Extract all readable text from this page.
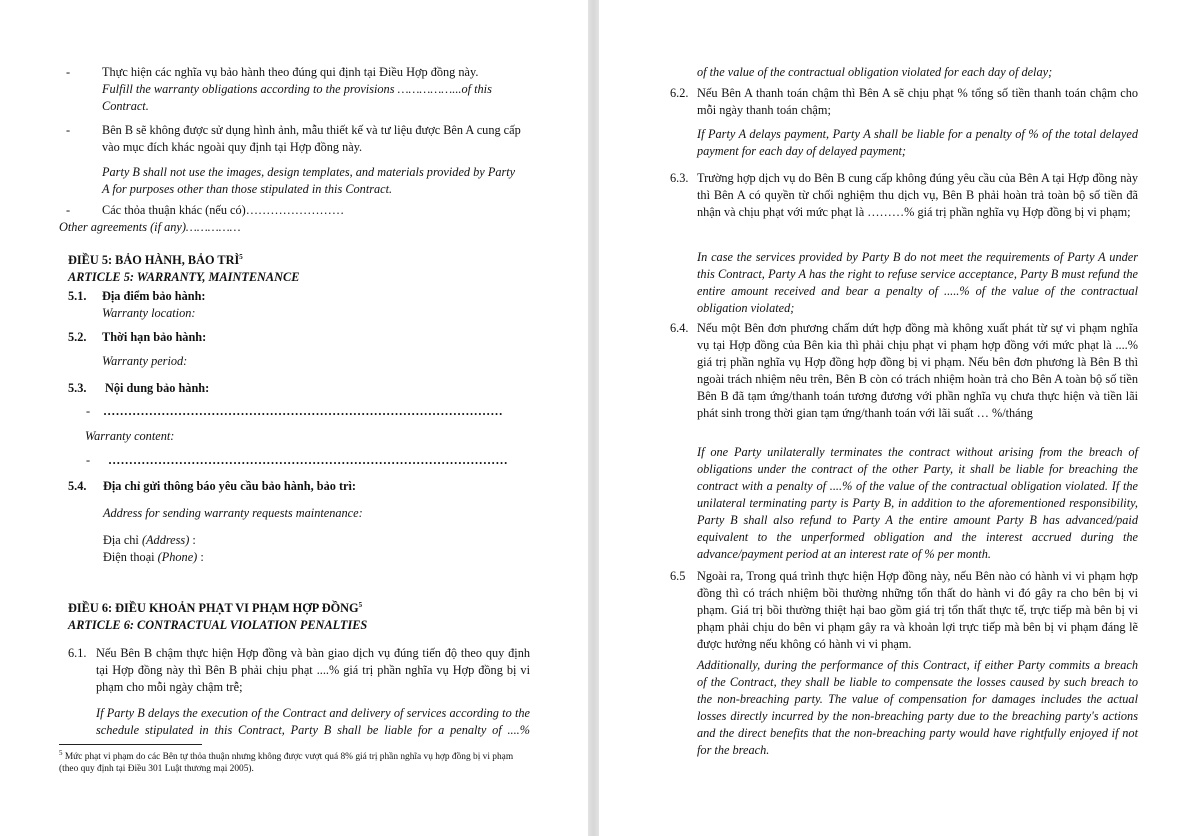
-	Thực hiện các nghĩa vụ bảo hành theo đúng qui định tại Điều Hợp đồng này.
Fulfill the warranty obligations according to the provisions ……………...of this Contract.
-	Bên B sẽ không được sử dụng hình ảnh, mẫu thiết kế và tư liệu được Bên A cung cấp vào mục đích khác ngoài quy định tại Hợp đồng này.
Party B shall not use the images, design templates, and materials provided by Party A for purposes other than those stipulated in this Contract.
-	Các thỏa thuận khác (nếu có)……………………
Other agreements (if any)……………
ĐIỀU 5: BẢO HÀNH, BẢO TRÌ$^5$
ARTICLE 5: WARRANTY, MAINTENANCE
5.1. Địa điểm bảo hành:
Warranty location:
5.2. Thời hạn bảo hành:
Warranty period:
5.3. Nội dung bảo hành:
- ……………………………………………………………………………………
Warranty content:
- ……………………………………………………………………………………
5.4. Địa chỉ gửi thông báo yêu cầu bảo hành, bảo trì:
Address for sending warranty requests maintenance:
Địa chỉ (Address) :
Điện thoại (Phone) :
ĐIỀU 6: ĐIỀU KHOẢN PHẠT VI PHẠM HỢP ĐỒNG$^5$
ARTICLE 6: CONTRACTUAL VIOLATION PENALTIES
6.1. Nếu Bên B chậm thực hiện Hợp đồng và bàn giao dịch vụ đúng tiến độ theo quy định tại Hợp đồng này thì Bên B phải chịu phạt ....% giá trị phần nghĩa vụ Hợp đồng bị vi phạm cho mỗi ngày chậm trễ;
If Party B delays the execution of the Contract and delivery of services according to the schedule stipulated in this Contract, Party B shall be liable for a penalty of ....%
$^5$ Mức phạt vi phạm do các Bên tự thỏa thuận nhưng không được vượt quá 8% giá trị phần nghĩa vụ hợp đồng bị vi phạm (theo quy định tại Điều 301 Luật thương mại 2005).
of the value of the contractual obligation violated for each day of delay;
6.2. Nếu Bên A thanh toán chậm thì Bên A sẽ chịu phạt % tổng số tiền thanh toán chậm cho mỗi ngày thanh toán chậm;
If Party A delays payment, Party A shall be liable for a penalty of % of the total delayed payment for each day of delayed payment;
6.3. Trường hợp dịch vụ do Bên B cung cấp không đúng yêu cầu của Bên A tại Hợp đồng này thì Bên A có quyền từ chối nghiệm thu dịch vụ, Bên B phải hoàn trả toàn bộ số tiền đã nhận và chịu phạt với mức phạt là ………% giá trị phần nghĩa vụ Hợp đồng bị vi phạm;
In case the services provided by Party B do not meet the requirements of Party A under this Contract, Party A has the right to refuse service acceptance, Party B must refund the entire amount received and bear a penalty of .....% of the value of the contractual obligation violated;
6.4. Nếu một Bên đơn phương chấm dứt hợp đồng mà không xuất phát từ sự vi phạm nghĩa vụ tại Hợp đồng của Bên kia thì phải chịu phạt vi phạm hợp đồng với mức phạt là ....% giá trị phần nghĩa vụ Hợp đồng hợp đồng bị vi phạm. Nếu bên đơn phương là Bên B thì ngoài trách nhiệm nêu trên, Bên B còn có trách nhiệm hoàn trả cho Bên A toàn bộ số tiền Bên B đã tạm ứng/thanh toán tương đương với phần nghĩa vụ chưa thực hiện và tiền lãi phát sinh trong thời gian tạm ứng/thanh toán với lãi suất … %/tháng
If one Party unilaterally terminates the contract without arising from the breach of obligations under the contract of the other Party, it shall be liable for breaching the contract with a penalty of ....% of the value of the contractual obligation violated. If the unilateral terminating party is Party B, in addition to the aforementioned responsibility, Party B shall also refund to Party A the entire amount Party B has advanced/paid equivalent to the unperformed obligation and the interest accrued during the advance/payment period at an interest rate of % per month.
6.5 Ngoài ra, Trong quá trình thực hiện Hợp đồng này, nếu Bên nào có hành vi vi phạm hợp đồng thì có trách nhiệm bồi thường những tổn thất do hành vi đó gây ra cho bên bị vi phạm. Giá trị bồi thường thiệt hại bao gồm giá trị tổn thất thực tế, trực tiếp mà bên bị vi phạm phải chịu do bên vi phạm gây ra và khoản lợi trực tiếp mà bên bị vi phạm đáng lẽ được hưởng nếu không có hành vi vi phạm.
Additionally, during the performance of this Contract, if either Party commits a breach of the Contract, they shall be liable to compensate the losses caused by such breach to the non-breaching party. The value of compensation for damages includes the actual losses directly incurred by the non-breaching party due to the breaching party's actions and the direct benefits that the non-breaching party would have rightfully enjoyed if not for the breach.
